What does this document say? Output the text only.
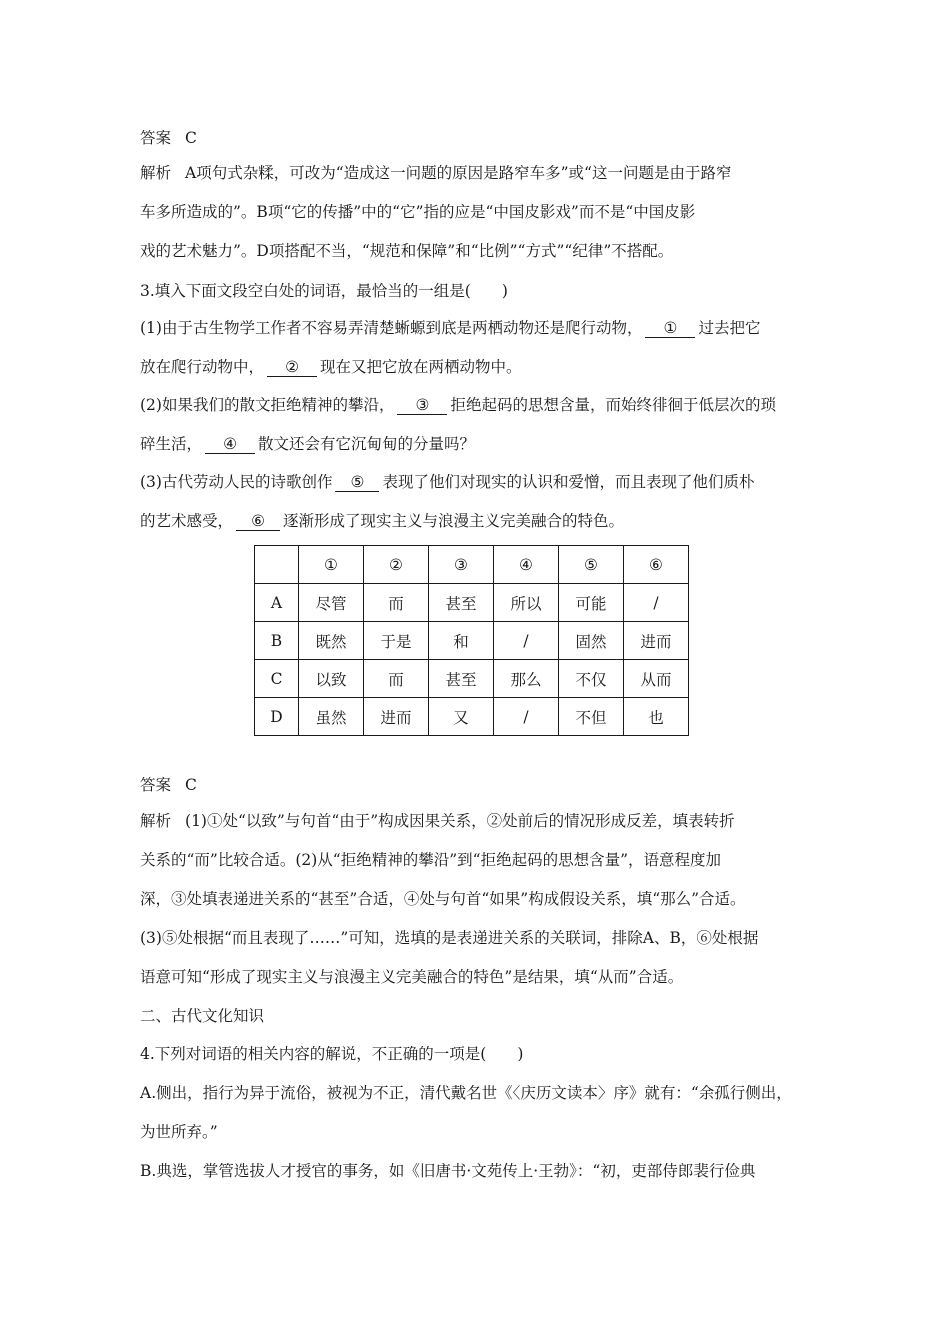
答案 C
解析 A项句式杂糅，可改为“造成这一问题的原因是路窄车多”或“这一问题是由于路窄
车多所造成的”。B项“它的传播”中的“它”指的应是“中国皮影戏”而不是“中国皮影
戏的艺术魅力”。D项搭配不当，“规范和保障”和“比例”“方式”“纪律”不搭配。
3.填入下面文段空白处的词语，最恰当的一组是(　　)
(1)由于古生物学工作者不容易弄清楚蜥螈到底是两栖动物还是爬行动物， ① 过去把它
放在爬行动物中， ② 现在又把它放在两栖动物中。
(2)如果我们的散文拒绝精神的攀沿， ③ 拒绝起码的思想含量，而始终徘徊于低层次的琐
碎生活， ④ 散文还会有它沉甸甸的分量吗？
(3)古代劳动人民的诗歌创作 ⑤ 表现了他们对现实的认识和爱憎，而且表现了他们质朴
的艺术感受， ⑥ 逐渐形成了现实主义与浪漫主义完美融合的特色。
	①	②	③	④	⑤	⑥
A	尽管	而	甚至	所以	可能	/
B	既然	于是	和	/	固然	进而
C	以致	而	甚至	那么	不仅	从而
D	虽然	进而	又	/	不但	也
答案 C
解析 (1)①处“以致”与句首“由于”构成因果关系，②处前后的情况形成反差，填表转折
关系的“而”比较合适。(2)从“拒绝精神的攀沿”到“拒绝起码的思想含量”，语意程度加
深，③处填表递进关系的“甚至”合适，④处与句首“如果”构成假设关系，填“那么”合适。
(3)⑤处根据“而且表现了……”可知，选填的是表递进关系的关联词，排除A、B，⑥处根据
语意可知“形成了现实主义与浪漫主义完美融合的特色”是结果，填“从而”合适。
二、古代文化知识
4.下列对词语的相关内容的解说，不正确的一项是(　　)
A.侧出，指行为异于流俗，被视为不正，清代戴名世《〈庆历文读本〉序》就有：“余孤行侧出，
为世所弃。”
B.典选，掌管选拔人才授官的事务，如《旧唐书·文苑传上·王勃》：“初，吏部侍郎裴行俭典
